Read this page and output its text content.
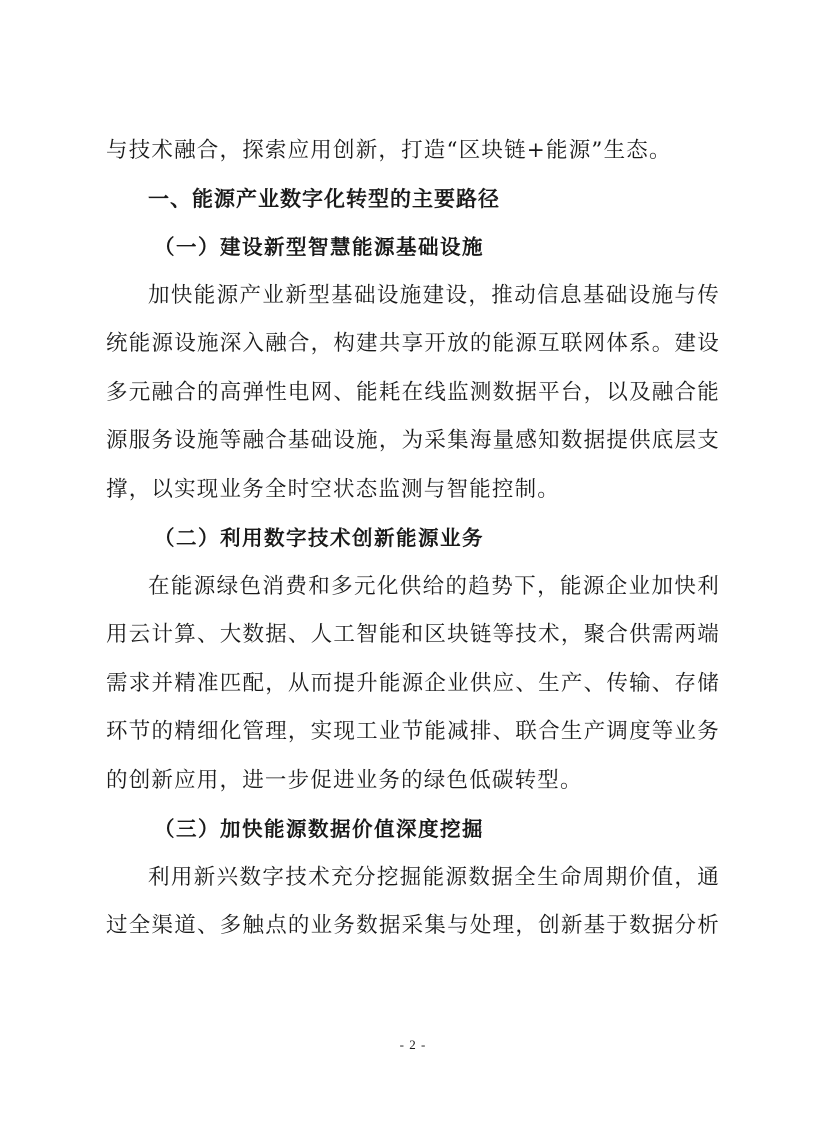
与技术融合，探索应用创新，打造“区块链+能源”生态。
一、能源产业数字化转型的主要路径
（一）建设新型智慧能源基础设施
加快能源产业新型基础设施建设，推动信息基础设施与传
统能源设施深入融合，构建共享开放的能源互联网体系。建设
多元融合的高弹性电网、能耗在线监测数据平台，以及融合能
源服务设施等融合基础设施，为采集海量感知数据提供底层支
撑，以实现业务全时空状态监测与智能控制。
（二）利用数字技术创新能源业务
在能源绿色消费和多元化供给的趋势下，能源企业加快利
用云计算、大数据、人工智能和区块链等技术，聚合供需两端
需求并精准匹配，从而提升能源企业供应、生产、传输、存储
环节的精细化管理，实现工业节能减排、联合生产调度等业务
的创新应用，进一步促进业务的绿色低碳转型。
（三）加快能源数据价值深度挖掘
利用新兴数字技术充分挖掘能源数据全生命周期价值，通
过全渠道、多触点的业务数据采集与处理，创新基于数据分析
- 2 -
